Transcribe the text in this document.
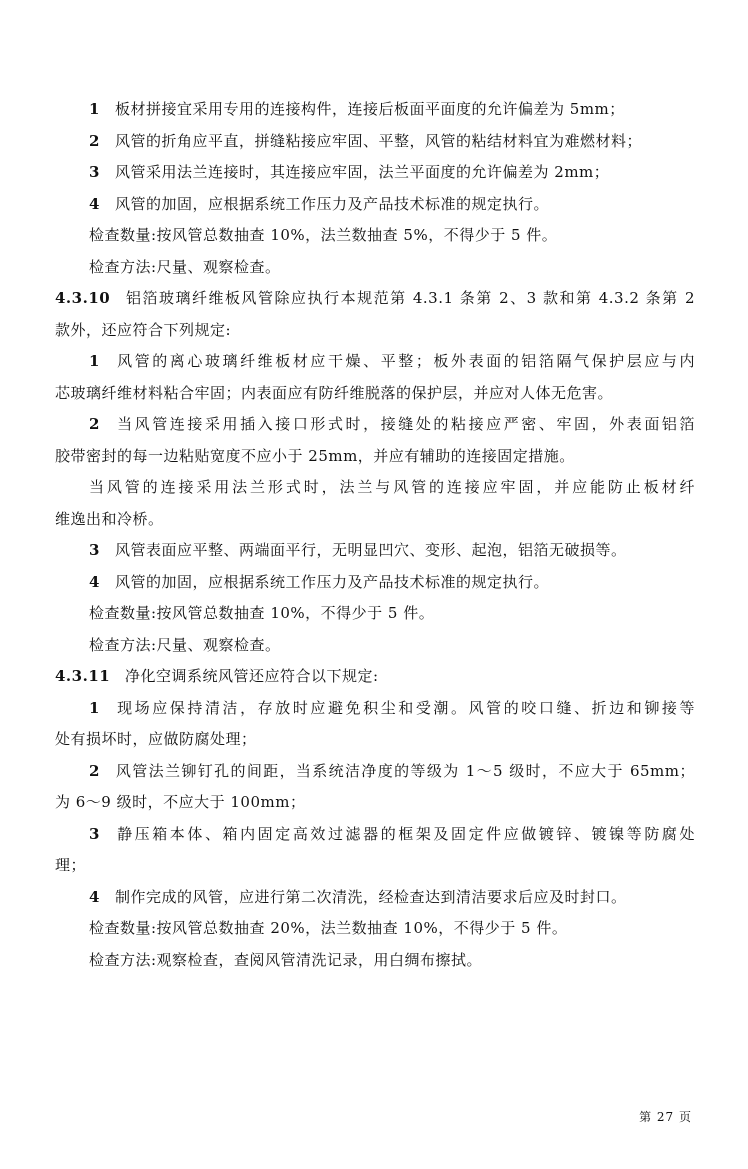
1 板材拼接宜采用专用的连接构件，连接后板面平面度的允许偏差为 5mm；
2 风管的折角应平直，拼缝粘接应牢固、平整，风管的粘结材料宜为难燃材料；
3 风管采用法兰连接时，其连接应牢固，法兰平面度的允许偏差为 2mm；
4 风管的加固，应根据系统工作压力及产品技术标准的规定执行。
检查数量:按风管总数抽查 10%，法兰数抽查 5%，不得少于 5 件。
检查方法:尺量、观察检查。
4.3.10 铝箔玻璃纤维板风管除应执行本规范第 4.3.1 条第 2、3 款和第 4.3.2 条第 2
款外，还应符合下列规定:
1 风管的离心玻璃纤维板材应干燥、平整；板外表面的铝箔隔气保护层应与内
芯玻璃纤维材料粘合牢固；内表面应有防纤维脱落的保护层，并应对人体无危害。
2 当风管连接采用插入接口形式时，接缝处的粘接应严密、牢固，外表面铝箔
胶带密封的每一边粘贴宽度不应小于 25mm，并应有辅助的连接固定措施。
当风管的连接采用法兰形式时，法兰与风管的连接应牢固，并应能防止板材纤
维逸出和冷桥。
3 风管表面应平整、两端面平行，无明显凹穴、变形、起泡，铝箔无破损等。
4 风管的加固，应根据系统工作压力及产品技术标准的规定执行。
检查数量:按风管总数抽查 10%，不得少于 5 件。
检查方法:尺量、观察检查。
4.3.11 净化空调系统风管还应符合以下规定:
1 现场应保持清洁，存放时应避免积尘和受潮。风管的咬口缝、折边和铆接等
处有损坏时，应做防腐处理；
2 风管法兰铆钉孔的间距，当系统洁净度的等级为 1～5 级时，不应大于 65mm；
为 6～9 级时，不应大于 100mm；
3 静压箱本体、箱内固定高效过滤器的框架及固定件应做镀锌、镀镍等防腐处
理；
4 制作完成的风管，应进行第二次清洗，经检查达到清洁要求后应及时封口。
检查数量:按风管总数抽查 20%，法兰数抽查 10%，不得少于 5 件。
检查方法:观察检查，查阅风管清洗记录，用白绸布擦拭。
第 27 页
